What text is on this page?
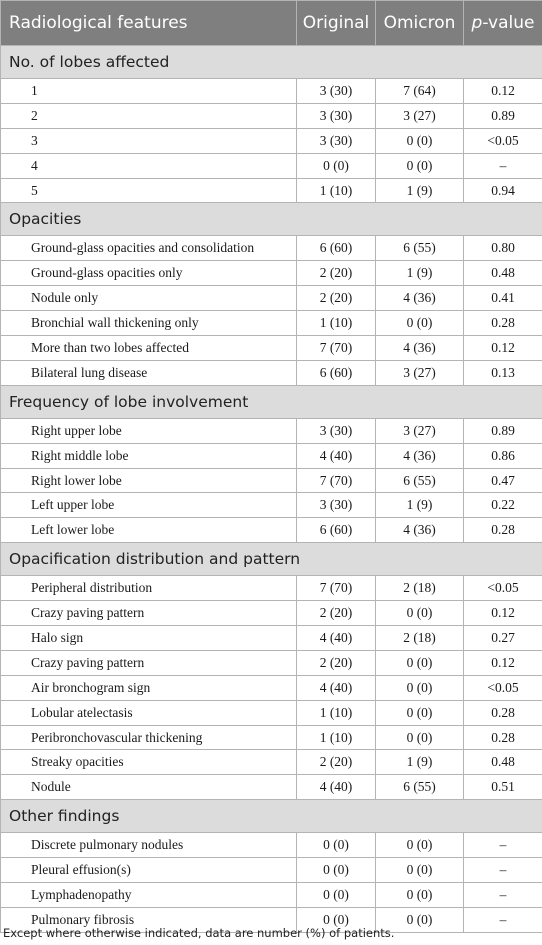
Radiological features	Original	Omicron	p-value
No. of lobes affected			
1	3 (30)	7 (64)	0.12
2	3 (30)	3 (27)	0.89
3	3 (30)	0 (0)	<0.05
4	0 (0)	0 (0)	–
5	1 (10)	1 (9)	0.94
Opacities			
Ground-glass opacities and consolidation	6 (60)	6 (55)	0.80
Ground-glass opacities only	2 (20)	1 (9)	0.48
Nodule only	2 (20)	4 (36)	0.41
Bronchial wall thickening only	1 (10)	0 (0)	0.28
More than two lobes affected	7 (70)	4 (36)	0.12
Bilateral lung disease	6 (60)	3 (27)	0.13
Frequency of lobe involvement			
Right upper lobe	3 (30)	3 (27)	0.89
Right middle lobe	4 (40)	4 (36)	0.86
Right lower lobe	7 (70)	6 (55)	0.47
Left upper lobe	3 (30)	1 (9)	0.22
Left lower lobe	6 (60)	4 (36)	0.28
Opacification distribution and pattern			
Peripheral distribution	7 (70)	2 (18)	<0.05
Crazy paving pattern	2 (20)	0 (0)	0.12
Halo sign	4 (40)	2 (18)	0.27
Crazy paving pattern	2 (20)	0 (0)	0.12
Air bronchogram sign	4 (40)	0 (0)	<0.05
Lobular atelectasis	1 (10)	0 (0)	0.28
Peribronchovascular thickening	1 (10)	0 (0)	0.28
Streaky opacities	2 (20)	1 (9)	0.48
Nodule	4 (40)	6 (55)	0.51
Other findings			
Discrete pulmonary nodules	0 (0)	0 (0)	–
Pleural effusion(s)	0 (0)	0 (0)	–
Lymphadenopathy	0 (0)	0 (0)	–
Pulmonary fibrosis	0 (0)	0 (0)	–
Except where otherwise indicated, data are number (%) of patients.
